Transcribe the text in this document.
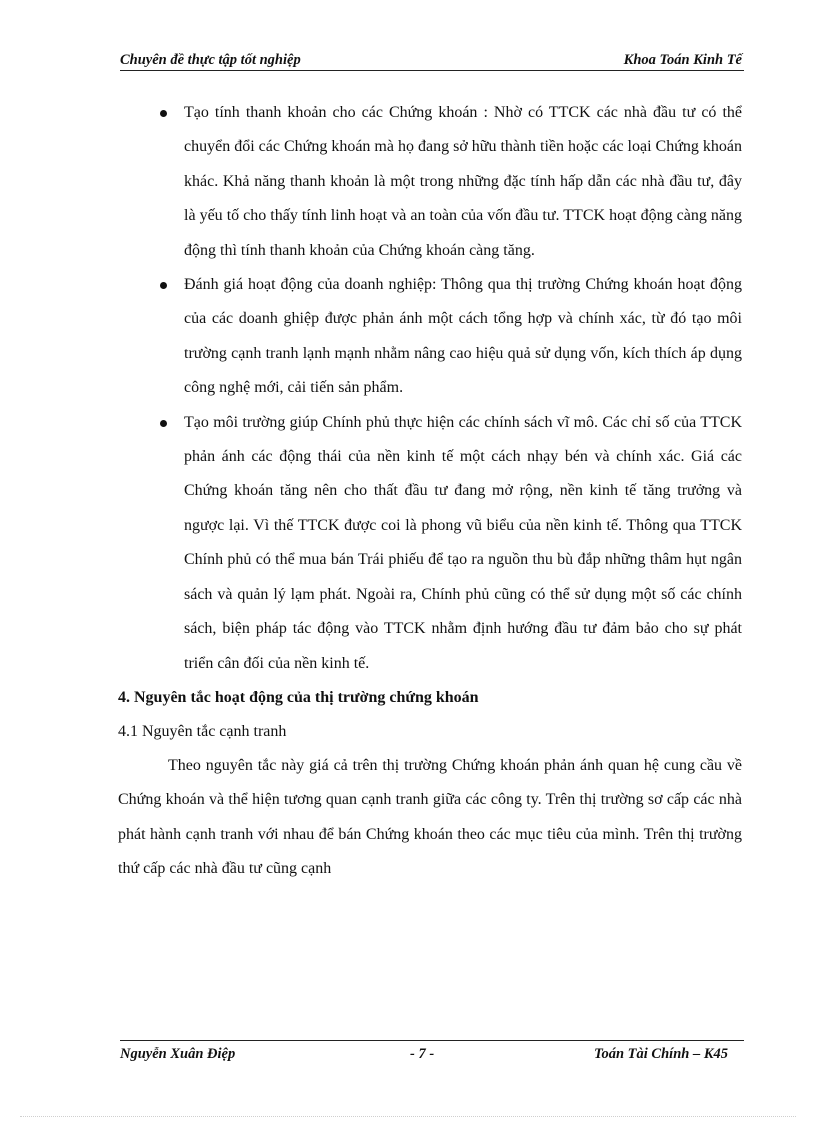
Chuyên đề thực tập tốt nghiệp	Khoa Toán Kinh Tế
Tạo tính thanh khoản cho các Chứng khoán : Nhờ có TTCK các nhà đầu tư có thể chuyển đổi các Chứng khoán mà họ đang sở hữu thành tiền hoặc các loại Chứng khoán khác. Khả năng thanh khoản là một trong những đặc tính hấp dẫn các nhà đầu tư, đây là yếu tố cho thấy tính linh hoạt và an toàn của vốn đầu tư. TTCK hoạt động càng năng động thì tính thanh khoản của Chứng khoán càng tăng.
Đánh giá hoạt động của doanh nghiệp: Thông qua thị trường Chứng khoán hoạt động của các doanh ghiệp được phản ánh một cách tổng hợp và chính xác, từ đó tạo môi trường cạnh tranh lạnh mạnh nhằm nâng cao hiệu quả sử dụng vốn, kích thích áp dụng công nghệ mới, cải tiến sản phẩm.
Tạo môi trường giúp Chính phủ thực hiện các chính sách vĩ mô. Các chỉ số của TTCK phản ánh các động thái của nền kinh tế một cách nhạy bén và chính xác. Giá các Chứng khoán tăng nên cho thất đầu tư đang mở rộng, nền kinh tế tăng trưởng và ngược lại. Vì thế TTCK được coi là phong vũ biểu của nền kinh tế. Thông qua TTCK Chính phủ có thể mua bán Trái phiếu để tạo ra nguồn thu bù đắp những thâm hụt ngân sách và quản lý lạm phát. Ngoài ra, Chính phủ cũng có thể sử dụng một số các chính sách, biện pháp tác động vào TTCK nhằm định hướng đầu tư đảm bảo cho sự phát triển cân đối của nền kinh tế.

4. Nguyên tắc hoạt động của thị trường chứng khoán

4.1 Nguyên tắc cạnh tranh

Theo nguyên tắc này giá cả trên thị trường Chứng khoán phản ánh quan hệ cung cầu về Chứng khoán và thể hiện tương quan cạnh tranh giữa các công ty. Trên thị trường sơ cấp các nhà phát hành cạnh tranh với nhau để bán Chứng khoán theo các mục tiêu của mình. Trên thị trường thứ cấp các nhà đầu tư cũng cạnh

Nguyễn Xuân Điệp	- 7 -	Toán Tài Chính – K45
